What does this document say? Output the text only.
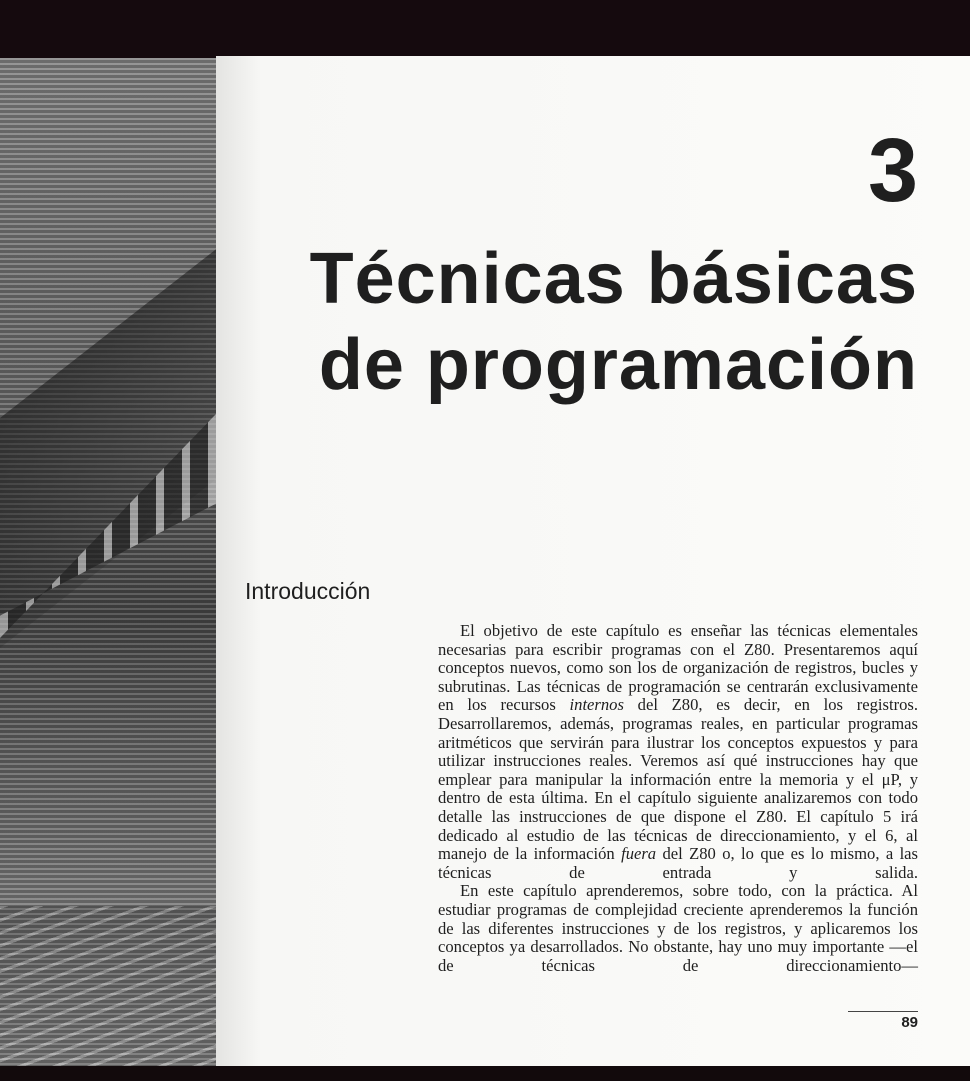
3
Técnicas básicas
de programación
Introducción

El objetivo de este capítulo es enseñar las técnicas elementales necesarias para escribir programas con el Z80. Presentaremos aquí conceptos nuevos, como son los de organización de registros, bucles y subrutinas. Las técnicas de programación se centrarán exclusivamente en los recursos internos del Z80, es decir, en los registros. Desarrollaremos, además, programas reales, en particular programas aritméticos que servirán para ilustrar los conceptos expuestos y para utilizar instrucciones reales. Veremos así qué instrucciones hay que emplear para manipular la información entre la memoria y el μP, y dentro de esta última. En el capítulo siguiente analizaremos con todo detalle las instrucciones de que dispone el Z80. El capítulo 5 irá dedicado al estudio de las técnicas de direccionamiento, y el 6, al manejo de la información fuera del Z80 o, lo que es lo mismo, a las técnicas de entrada y salida.

En este capítulo aprenderemos, sobre todo, con la práctica. Al estudiar programas de complejidad creciente aprenderemos la función de las diferentes instrucciones y de los registros, y aplicaremos los conceptos ya desarrollados. No obstante, hay uno muy importante —el de técnicas de direccionamiento—

89
